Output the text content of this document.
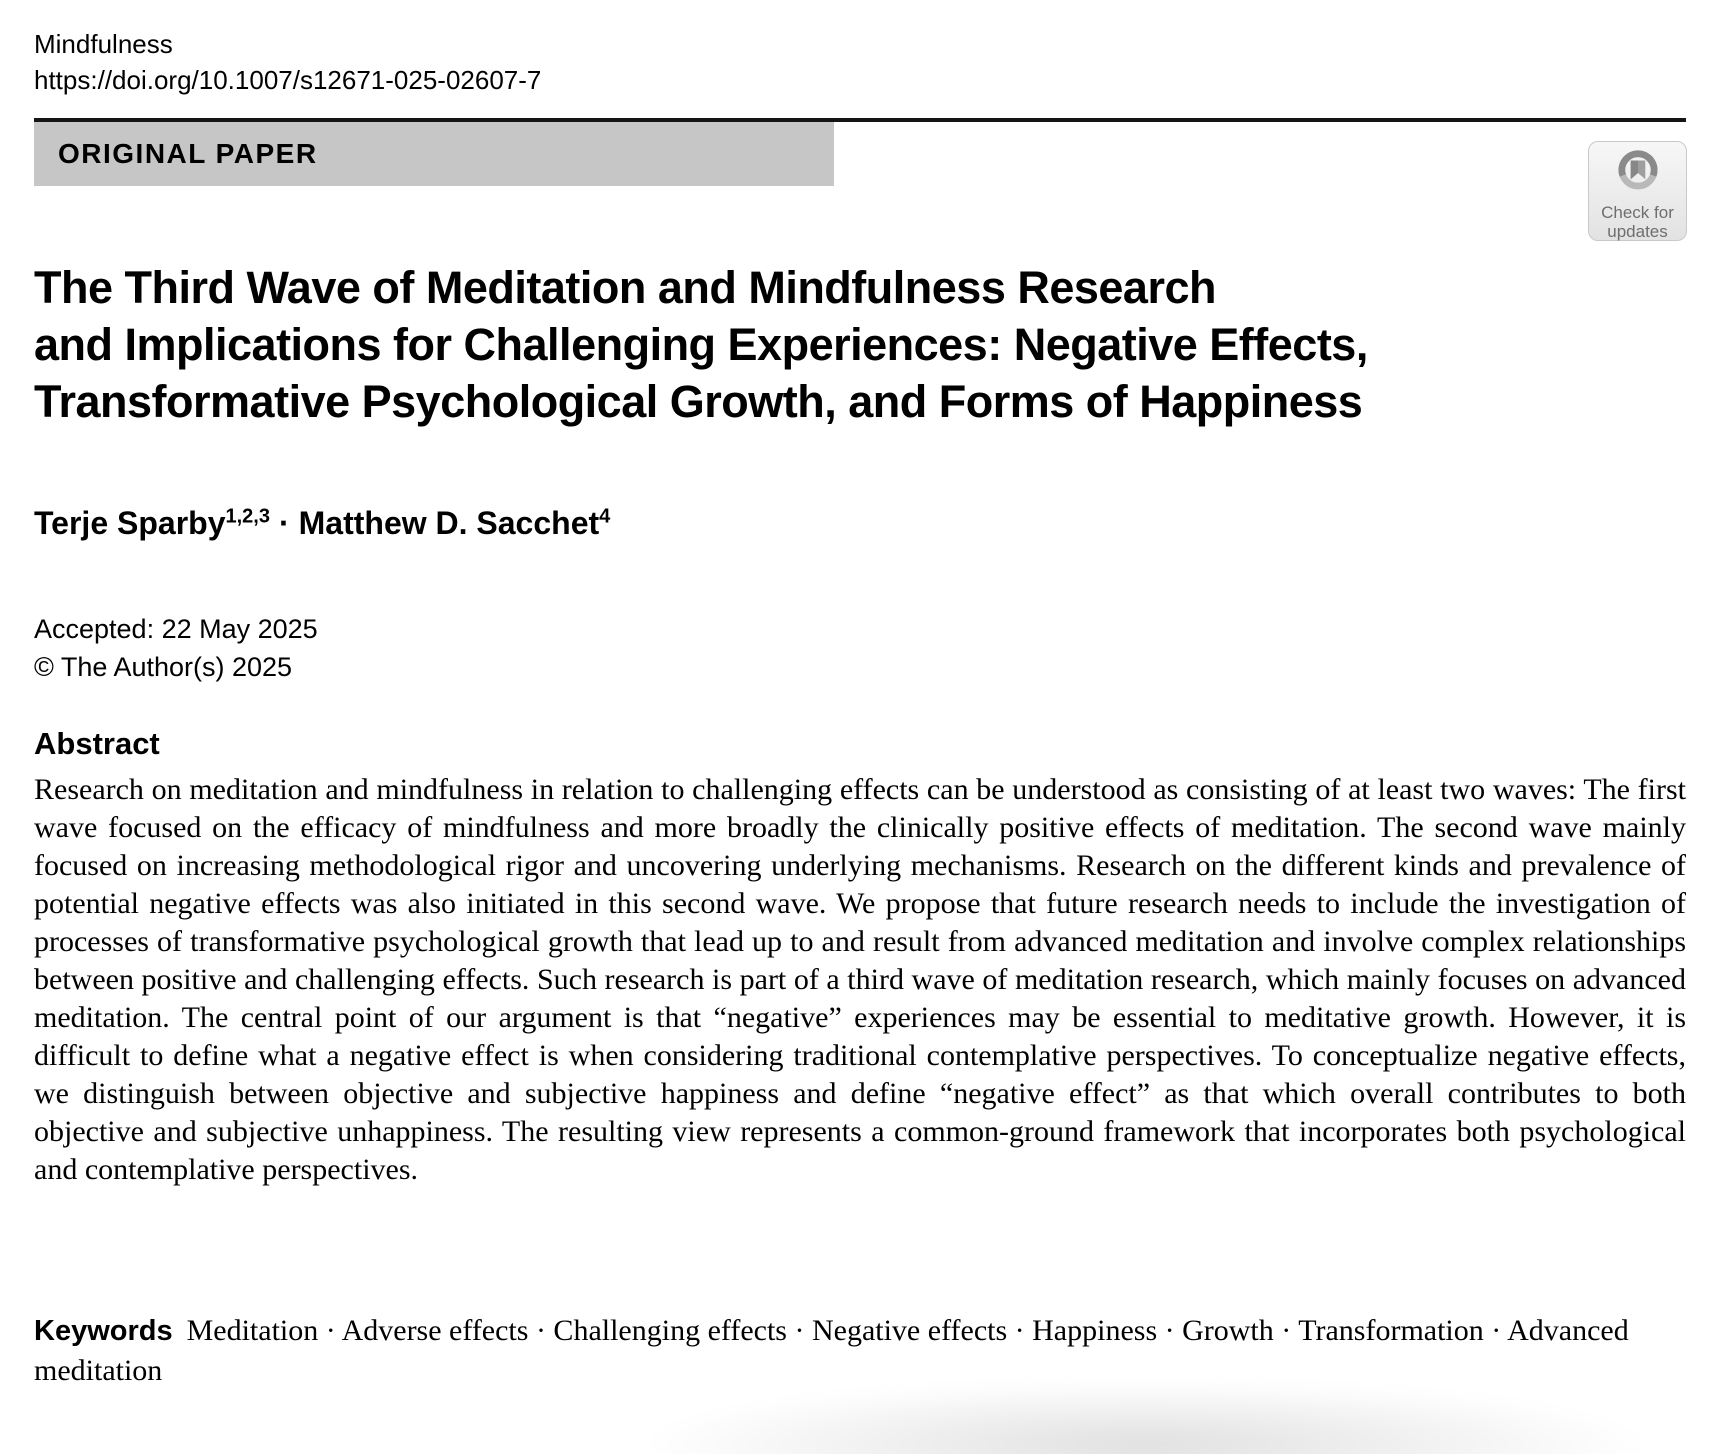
Mindfulness
https://doi.org/10.1007/s12671-025-02607-7
ORIGINAL PAPER
Check for
updates
The Third Wave of Meditation and Mindfulness Research
and Implications for Challenging Experiences: Negative Effects,
Transformative Psychological Growth, and Forms of Happiness
Terje Sparby$^{1,2,3}$ · Matthew D. Sacchet$^4$
Accepted: 22 May 2025
© The Author(s) 2025
Abstract

Research on meditation and mindfulness in relation to challenging effects can be understood as consisting of at least two waves: The first wave focused on the efficacy of mindfulness and more broadly the clinically positive effects of meditation. The second wave mainly focused on increasing methodological rigor and uncovering underlying mechanisms. Research on the different kinds and prevalence of potential negative effects was also initiated in this second wave. We propose that future research needs to include the investigation of processes of transformative psychological growth that lead up to and result from advanced meditation and involve complex relationships between positive and challenging effects. Such research is part of a third wave of meditation research, which mainly focuses on advanced meditation. The central point of our argument is that “negative” experiences may be essential to meditative growth. However, it is difficult to define what a negative effect is when considering traditional contemplative perspectives. To conceptualize negative effects, we distinguish between objective and subjective happiness and define “negative effect” as that which overall contributes to both objective and subjective unhappiness. The resulting view represents a common-ground framework that incorporates both psychological and contemplative perspectives.

Keywords Meditation · Adverse effects · Challenging effects · Negative effects · Happiness · Growth · Transformation · Advanced meditation
